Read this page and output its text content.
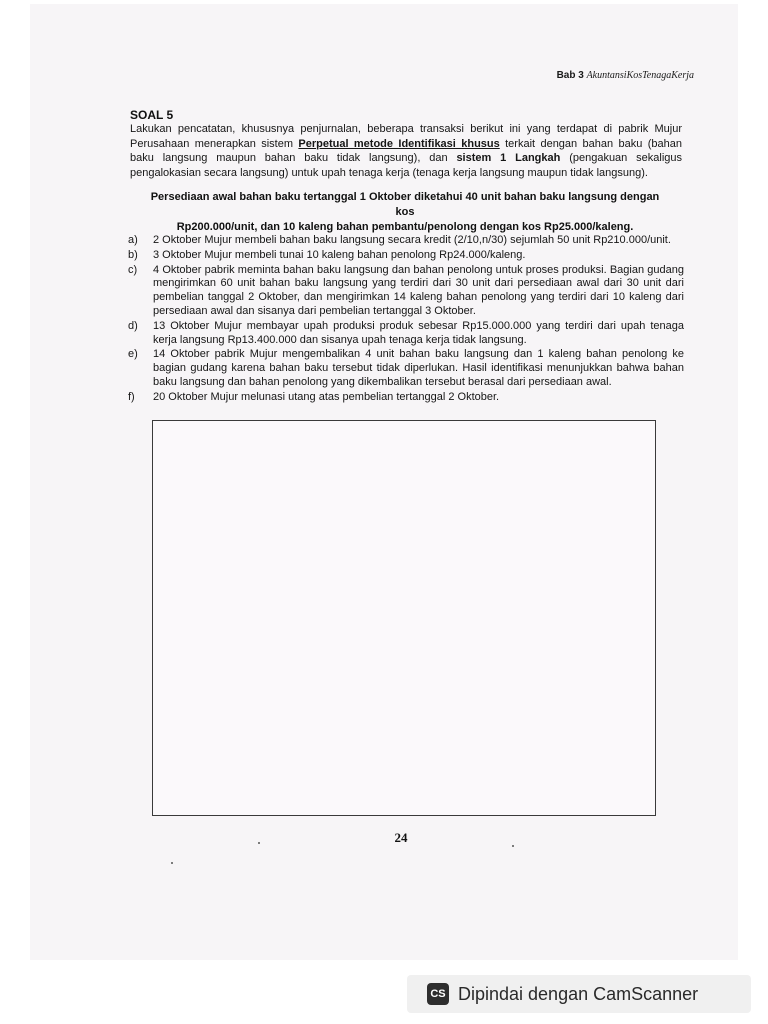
Bab 3 AkuntansiKosTenagaKerja
SOAL 5
Lakukan pencatatan, khususnya penjurnalan, beberapa transaksi berikut ini yang terdapat di pabrik Mujur Perusahaan menerapkan sistem Perpetual metode Identifikasi khusus terkait dengan bahan baku (bahan baku langsung maupun bahan baku tidak langsung), dan sistem 1 Langkah (pengakuan sekaligus pengalokasian secara langsung) untuk upah tenaga kerja (tenaga kerja langsung maupun tidak langsung).
Persediaan awal bahan baku tertanggal 1 Oktober diketahui 40 unit bahan baku langsung dengan kos
Rp200.000/unit, dan 10 kaleng bahan pembantu/penolong dengan kos Rp25.000/kaleng.
a)	2 Oktober Mujur membeli bahan baku langsung secara kredit (2/10,n/30) sejumlah 50 unit Rp210.000/unit.
b)	3 Oktober Mujur membeli tunai 10 kaleng bahan penolong Rp24.000/kaleng.
c)	4 Oktober pabrik meminta bahan baku langsung dan bahan penolong untuk proses produksi. Bagian gudang mengirimkan 60 unit bahan baku langsung yang terdiri dari 30 unit dari persediaan awal dari 30 unit dari pembelian tanggal 2 Oktober, dan mengirimkan 14 kaleng bahan penolong yang terdiri dari 10 kaleng dari persediaan awal dan sisanya dari pembelian tertanggal 3 Oktober.
d)	13 Oktober Mujur membayar upah produksi produk sebesar Rp15.000.000 yang terdiri dari upah tenaga kerja langsung Rp13.400.000 dan sisanya upah tenaga kerja tidak langsung.
e)	14 Oktober pabrik Mujur mengembalikan 4 unit bahan baku langsung dan 1 kaleng bahan penolong ke bagian gudang karena bahan baku tersebut tidak diperlukan. Hasil identifikasi menunjukkan bahwa bahan baku langsung dan bahan penolong yang dikembalikan tersebut berasal dari persediaan awal.
f)	20 Oktober Mujur melunasi utang atas pembelian tertanggal 2 Oktober.
24
CS Dipindai dengan CamScanner
